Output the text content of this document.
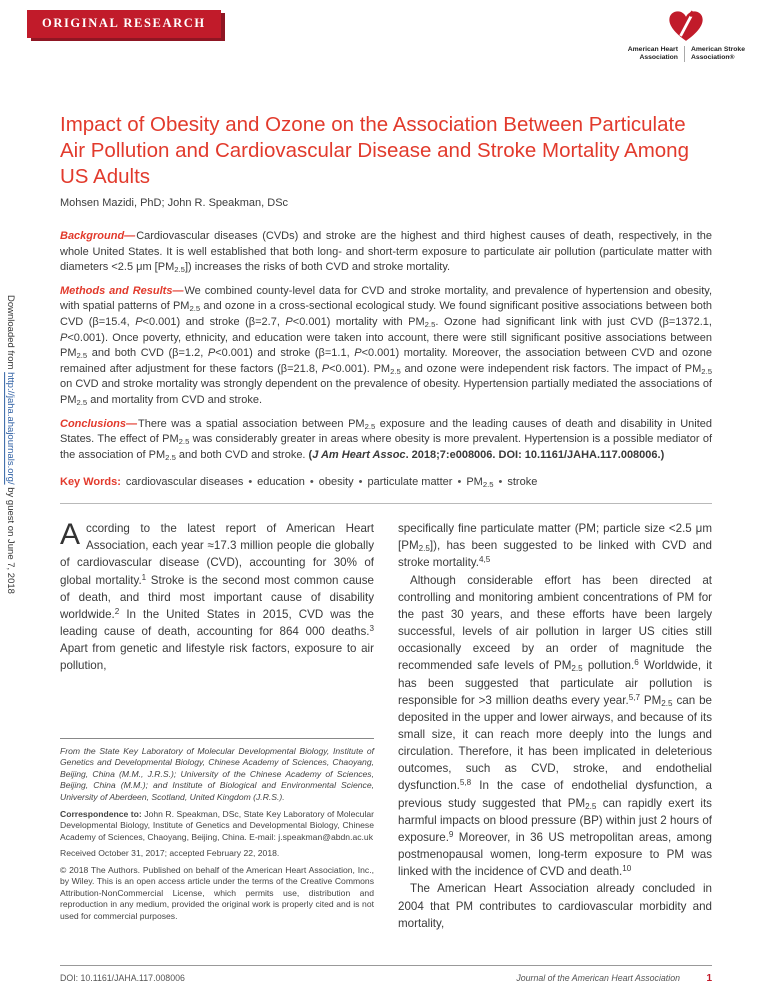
Downloaded from http://jaha.ahajournals.org/ by guest on June 7, 2018
ORIGINAL RESEARCH
American Heart
Association
American Stroke
Association®
Impact of Obesity and Ozone on the Association Between Particulate Air Pollution and Cardiovascular Disease and Stroke Mortality Among US Adults
Mohsen Mazidi, PhD; John R. Speakman, DSc

Background—Cardiovascular diseases (CVDs) and stroke are the highest and third highest causes of death, respectively, in the whole United States. It is well established that both long- and short-term exposure to particulate air pollution (particulate matter with diameters <2.5 μm $[PM_{2.5}]$) increases the risks of both CVD and stroke mortality.

Methods and Results—We combined county-level data for CVD and stroke mortality, and prevalence of hypertension and obesity, with spatial patterns of $PM_{2.5}$ and ozone in a cross-sectional ecological study. We found significant positive associations between both CVD (β=15.4, P<0.001) and stroke (β=2.7, P<0.001) mortality with $PM_{2.5}$. Ozone had significant link with just CVD (β=1372.1, P<0.001). Once poverty, ethnicity, and education were taken into account, there were still significant positive associations between $PM_{2.5}$ and both CVD (β=1.2, P<0.001) and stroke (β=1.1, P<0.001) mortality. Moreover, the association between CVD and ozone remained after adjustment for these factors (β=21.8, P<0.001). $PM_{2.5}$ and ozone were independent risk factors. The impact of $PM_{2.5}$ on CVD and stroke mortality was strongly dependent on the prevalence of obesity. Hypertension partially mediated the associations of $PM_{2.5}$ and mortality from CVD and stroke.

Conclusions—There was a spatial association between $PM_{2.5}$ exposure and the leading causes of death and disability in United States. The effect of $PM_{2.5}$ was considerably greater in areas where obesity is more prevalent. Hypertension is a possible mediator of the association of $PM_{2.5}$ and both CVD and stroke. (J Am Heart Assoc. 2018;7:e008006. DOI: 10.1161/JAHA.117.008006.)

Key Words: cardiovascular diseases • education • obesity • particulate matter • $PM_{2.5}$ • stroke

According to the latest report of American Heart Association, each year ≈17.3 million people die globally of cardiovascular disease (CVD), accounting for 30% of global mortality.$^1$ Stroke is the second most common cause of death, and third most important cause of disability worldwide.$^2$ In the United States in 2015, CVD was the leading cause of death, accounting for 864 000 deaths.$^3$ Apart from genetic and lifestyle risk factors, exposure to air pollution,

From the State Key Laboratory of Molecular Developmental Biology, Institute of Genetics and Developmental Biology, Chinese Academy of Sciences, Chaoyang, Beijing, China (M.M., J.R.S.); University of the Chinese Academy of Sciences, Beijing, China (M.M.); and Institute of Biological and Environmental Science, University of Aberdeen, Scotland, United Kingdom (J.R.S.).

Correspondence to: John R. Speakman, DSc, State Key Laboratory of Molecular Developmental Biology, Institute of Genetics and Developmental Biology, Chinese Academy of Sciences, Chaoyang, Beijing, China. E-mail: j.speakman@abdn.ac.uk

Received October 31, 2017; accepted February 22, 2018.

© 2018 The Authors. Published on behalf of the American Heart Association, Inc., by Wiley. This is an open access article under the terms of the Creative Commons Attribution-NonCommercial License, which permits use, distribution and reproduction in any medium, provided the original work is properly cited and is not used for commercial purposes.

specifically fine particulate matter (PM; particle size <2.5 μm $[PM_{2.5}]$), has been suggested to be linked with CVD and stroke mortality.$^{4,5}$

Although considerable effort has been directed at controlling and monitoring ambient concentrations of PM for the past 30 years, and these efforts have been largely successful, levels of air pollution in larger US cities still occasionally exceed by an order of magnitude the recommended safe levels of $PM_{2.5}$ pollution.$^6$ Worldwide, it has been suggested that particulate air pollution is responsible for >3 million deaths every year.$^{5,7}$ $PM_{2.5}$ can be deposited in the upper and lower airways, and because of its small size, it can reach more deeply into the lungs and circulation. Therefore, it has been implicated in deleterious outcomes, such as CVD, stroke, and endothelial dysfunction.$^{5,8}$ In the case of endothelial dysfunction, a previous study suggested that $PM_{2.5}$ can rapidly exert its harmful impacts on blood pressure (BP) within just 2 hours of exposure.$^9$ Moreover, in 36 US metropolitan areas, among postmenopausal women, long-term exposure to PM was linked with the incidence of CVD and death.$^{10}$

The American Heart Association already concluded in 2004 that PM contributes to cardiovascular morbidity and mortality,

DOI: 10.1161/JAHA.117.008006	Journal of the American Heart Association	1
